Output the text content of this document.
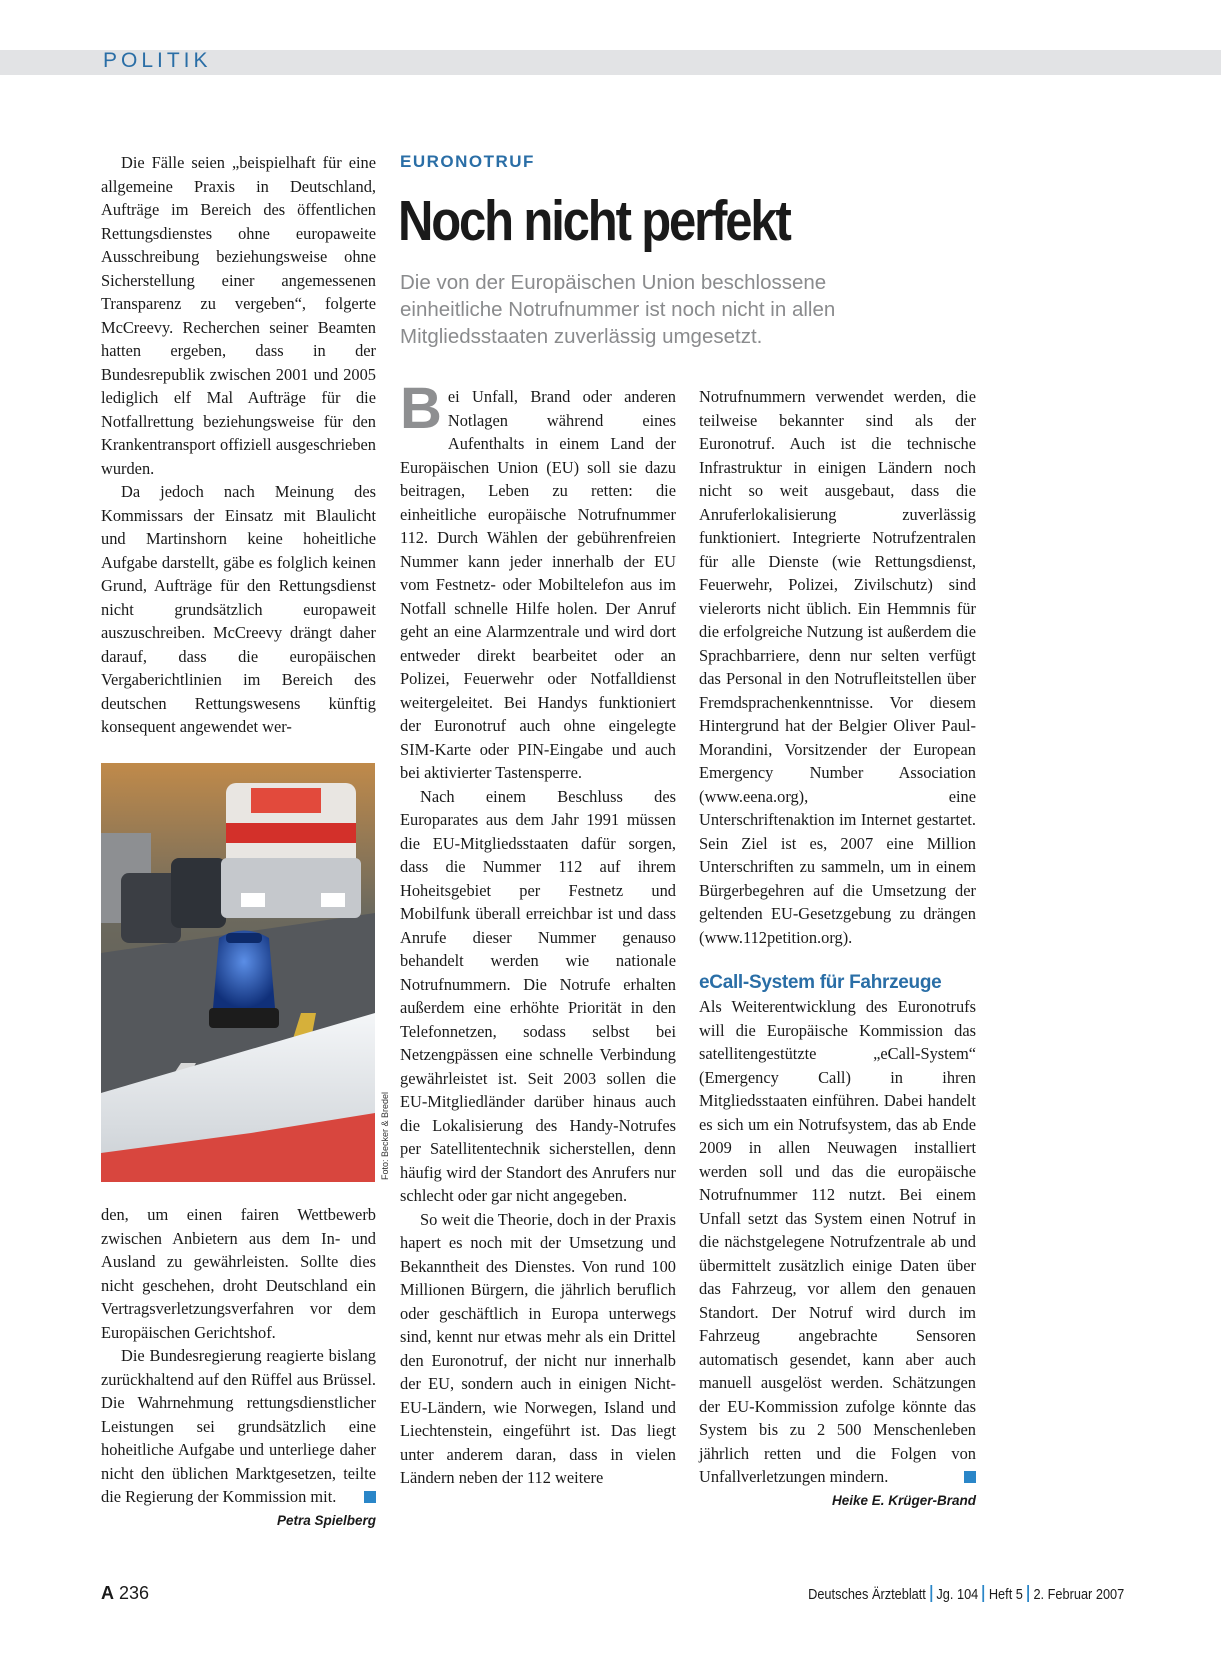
POLITIK

Die Fälle seien „beispielhaft für eine allgemeine Praxis in Deutschland, Aufträge im Bereich des öffentlichen Rettungsdienstes ohne europaweite Ausschreibung beziehungsweise ohne Sicherstellung einer angemessenen Transparenz zu vergeben“, folgerte McCreevy. Recherchen seiner Beamten hatten ergeben, dass in der Bundesrepublik zwischen 2001 und 2005 lediglich elf Mal Aufträge für die Notfallrettung beziehungsweise für den Krankentransport offiziell ausgeschrieben wurden.

Da jedoch nach Meinung des Kommissars der Einsatz mit Blaulicht und Martinshorn keine hoheitliche Aufgabe darstellt, gäbe es folglich keinen Grund, Aufträge für den Rettungsdienst nicht grundsätzlich europaweit auszuschreiben. McCreevy drängt daher darauf, dass die europäischen Vergaberichtlinien im Bereich des deutschen Rettungswesens künftig konsequent angewendet wer-

Foto: Becker & Bredel

den, um einen fairen Wettbewerb zwischen Anbietern aus dem In- und Ausland zu gewährleisten. Sollte dies nicht geschehen, droht Deutschland ein Vertragsverletzungsverfahren vor dem Europäischen Gerichtshof.

Die Bundesregierung reagierte bislang zurückhaltend auf den Rüffel aus Brüssel. Die Wahrnehmung rettungsdienstlicher Leistungen sei grundsätzlich eine hoheitliche Aufgabe und unterliege daher nicht den üblichen Marktgesetzen, teilte die Regierung der Kommission mit.

Petra Spielberg
EURONOTRUF
Noch nicht perfekt
Die von der Europäischen Union beschlossene einheitliche Notrufnummer ist noch nicht in allen Mitgliedsstaaten zuverlässig umgesetzt.

Bei Unfall, Brand oder anderen Notlagen während eines Aufenthalts in einem Land der Europäischen Union (EU) soll sie dazu beitragen, Leben zu retten: die einheitliche europäische Notrufnummer 112. Durch Wählen der gebührenfreien Nummer kann jeder innerhalb der EU vom Festnetz- oder Mobiltelefon aus im Notfall schnelle Hilfe holen. Der Anruf geht an eine Alarmzentrale und wird dort entweder direkt bearbeitet oder an Polizei, Feuerwehr oder Notfalldienst weitergeleitet. Bei Handys funktioniert der Euronotruf auch ohne eingelegte SIM-Karte oder PIN-Eingabe und auch bei aktivierter Tastensperre.

Nach einem Beschluss des Europarates aus dem Jahr 1991 müssen die EU-Mitgliedsstaaten dafür sorgen, dass die Nummer 112 auf ihrem Hoheitsgebiet per Festnetz und Mobilfunk überall erreichbar ist und dass Anrufe dieser Nummer genauso behandelt werden wie nationale Notrufnummern. Die Notrufe erhalten außerdem eine erhöhte Priorität in den Telefonnetzen, sodass selbst bei Netzengpässen eine schnelle Verbindung gewährleistet ist. Seit 2003 sollen die EU-Mitgliedländer darüber hinaus auch die Lokalisierung des Handy-Notrufes per Satellitentechnik sicherstellen, denn häufig wird der Standort des Anrufers nur schlecht oder gar nicht angegeben.

So weit die Theorie, doch in der Praxis hapert es noch mit der Umsetzung und Bekanntheit des Dienstes. Von rund 100 Millionen Bürgern, die jährlich beruflich oder geschäftlich in Europa unterwegs sind, kennt nur etwas mehr als ein Drittel den Euronotruf, der nicht nur innerhalb der EU, sondern auch in einigen Nicht-EU-Ländern, wie Norwegen, Island und Liechtenstein, eingeführt ist. Das liegt unter anderem daran, dass in vielen Ländern neben der 112 weitere

Notrufnummern verwendet werden, die teilweise bekannter sind als der Euronotruf. Auch ist die technische Infrastruktur in einigen Ländern noch nicht so weit ausgebaut, dass die Anruferlokalisierung zuverlässig funktioniert. Integrierte Notrufzentralen für alle Dienste (wie Rettungsdienst, Feuerwehr, Polizei, Zivilschutz) sind vielerorts nicht üblich. Ein Hemmnis für die erfolgreiche Nutzung ist außerdem die Sprachbarriere, denn nur selten verfügt das Personal in den Notrufleitstellen über Fremdsprachenkenntnisse. Vor diesem Hintergrund hat der Belgier Oliver Paul-Morandini, Vorsitzender der European Emergency Number Association (www.eena.org), eine Unterschriftenaktion im Internet gestartet. Sein Ziel ist es, 2007 eine Million Unterschriften zu sammeln, um in einem Bürgerbegehren auf die Umsetzung der geltenden EU-Gesetzgebung zu drängen (www.112petition.org).

eCall-System für Fahrzeuge

Als Weiterentwicklung des Euronotrufs will die Europäische Kommission das satellitengestützte „eCall-System“ (Emergency Call) in ihren Mitgliedsstaaten einführen. Dabei handelt es sich um ein Notrufsystem, das ab Ende 2009 in allen Neuwagen installiert werden soll und das die europäische Notrufnummer 112 nutzt. Bei einem Unfall setzt das System einen Notruf in die nächstgelegene Notrufzentrale ab und übermittelt zusätzlich einige Daten über das Fahrzeug, vor allem den genauen Standort. Der Notruf wird durch im Fahrzeug angebrachte Sensoren automatisch gesendet, kann aber auch manuell ausgelöst werden. Schätzungen der EU-Kommission zufolge könnte das System bis zu 2 500 Menschenleben jährlich retten und die Folgen von Unfallverletzungen mindern.

Heike E. Krüger-Brand
A 236	Deutsches Ärzteblatt Jg. 104 Heft 5 2. Februar 2007
